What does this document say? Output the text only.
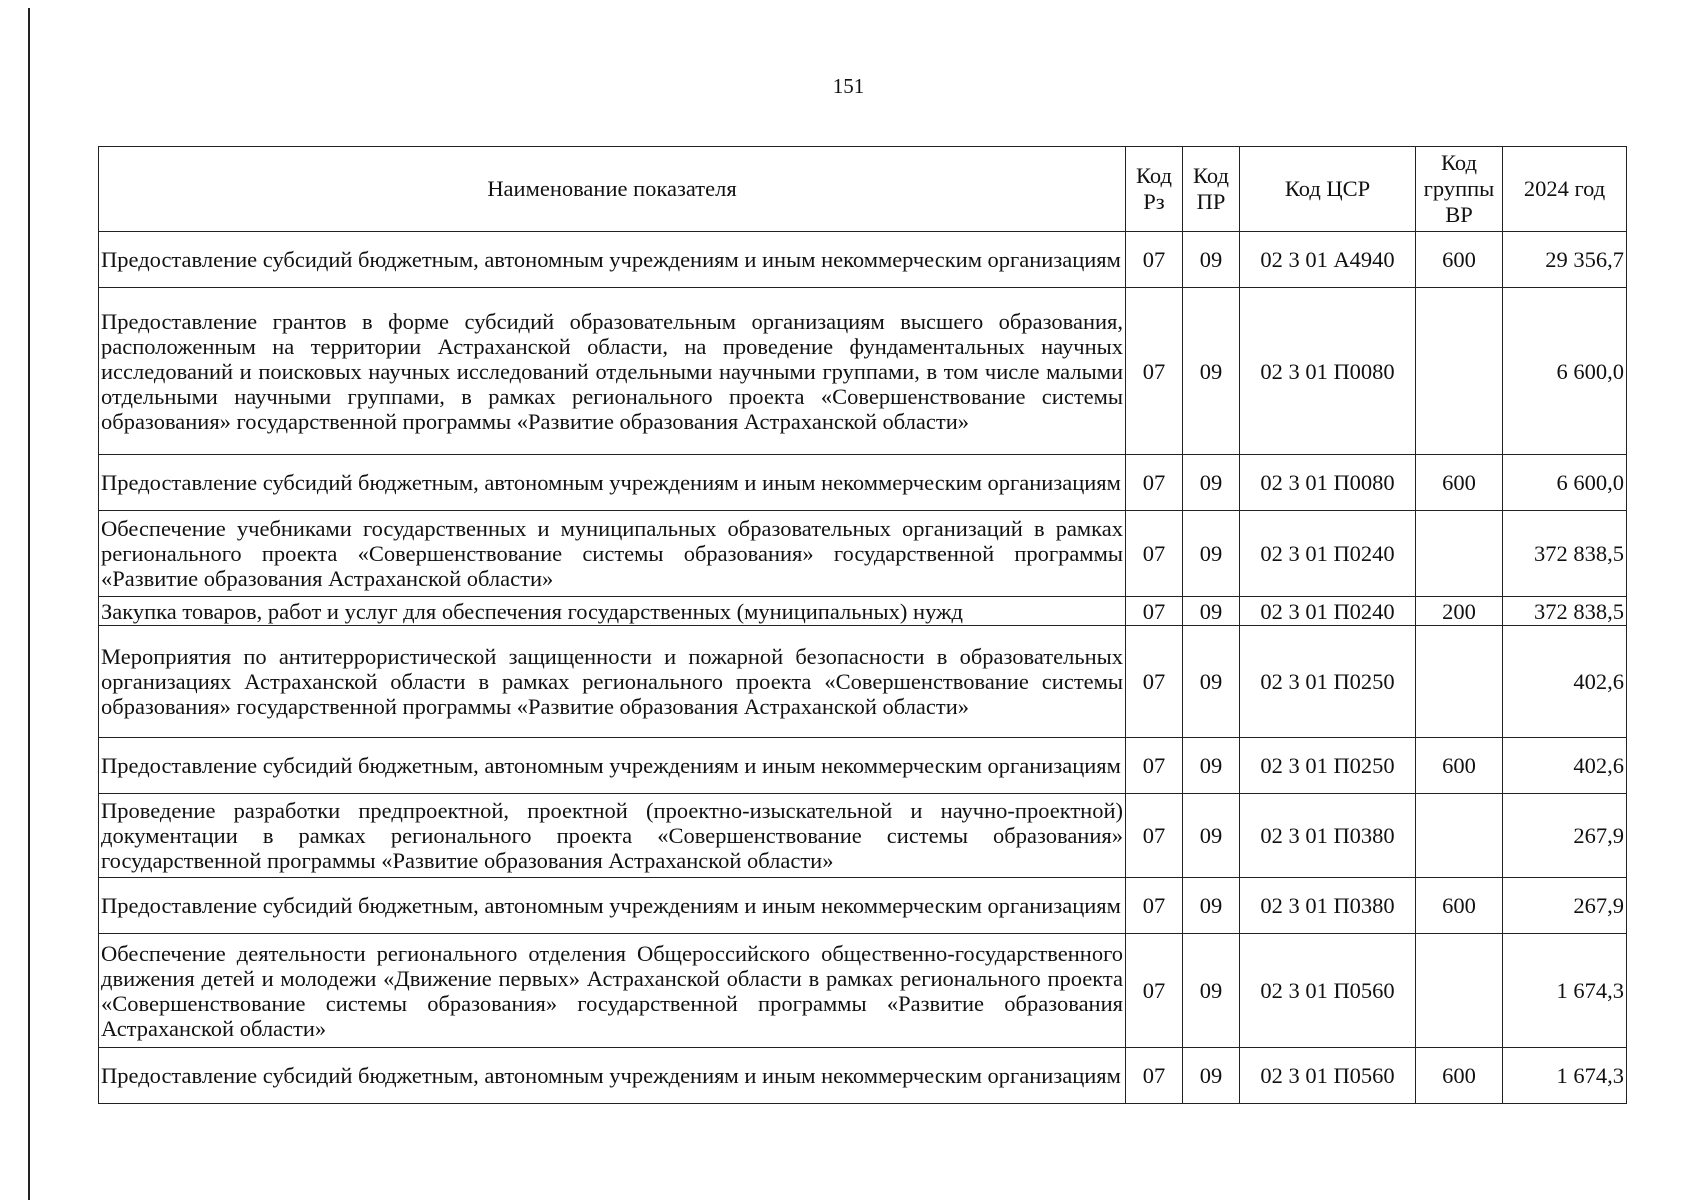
151
Наименование показателя	Код Рз	Код ПР	Код ЦСР	Код группы ВР	2024 год
Предоставление субсидий бюджетным, автономным учреждениям и иным некоммерческим организациям	07	09	02 3 01 А4940	600	29 356,7
Предоставление грантов в форме субсидий образовательным организациям высшего образования, расположенным на территории Астраханской области, на проведение фундаментальных научных исследований и поисковых научных исследований отдельными научными группами, в том числе малыми отдельными научными группами, в рамках регионального проекта «Совершенствование системы образования» государственной программы «Развитие образования Астраханской области»	07	09	02 3 01 П0080		6 600,0
Предоставление субсидий бюджетным, автономным учреждениям и иным некоммерческим организациям	07	09	02 3 01 П0080	600	6 600,0
Обеспечение учебниками государственных и муниципальных образовательных организаций в рамках регионального проекта «Совершенствование системы образования» государственной программы «Развитие образования Астраханской области»	07	09	02 3 01 П0240		372 838,5
Закупка товаров, работ и услуг для обеспечения государственных (муниципальных) нужд	07	09	02 3 01 П0240	200	372 838,5
Мероприятия по антитеррористической защищенности и пожарной безопасности в образовательных организациях Астраханской области в рамках регионального проекта «Совершенствование системы образования» государственной программы «Развитие образования Астраханской области»	07	09	02 3 01 П0250		402,6
Предоставление субсидий бюджетным, автономным учреждениям и иным некоммерческим организациям	07	09	02 3 01 П0250	600	402,6
Проведение разработки предпроектной, проектной (проектно-изыскательной и научно-проектной) документации в рамках регионального проекта «Совершенствование системы образования» государственной программы «Развитие образования Астраханской области»	07	09	02 3 01 П0380		267,9
Предоставление субсидий бюджетным, автономным учреждениям и иным некоммерческим организациям	07	09	02 3 01 П0380	600	267,9
Обеспечение деятельности регионального отделения Общероссийского общественно-государственного движения детей и молодежи «Движение первых» Астраханской области в рамках регионального проекта «Совершенствование системы образования» государственной программы «Развитие образования Астраханской области»	07	09	02 3 01 П0560		1 674,3
Предоставление субсидий бюджетным, автономным учреждениям и иным некоммерческим организациям	07	09	02 3 01 П0560	600	1 674,3
